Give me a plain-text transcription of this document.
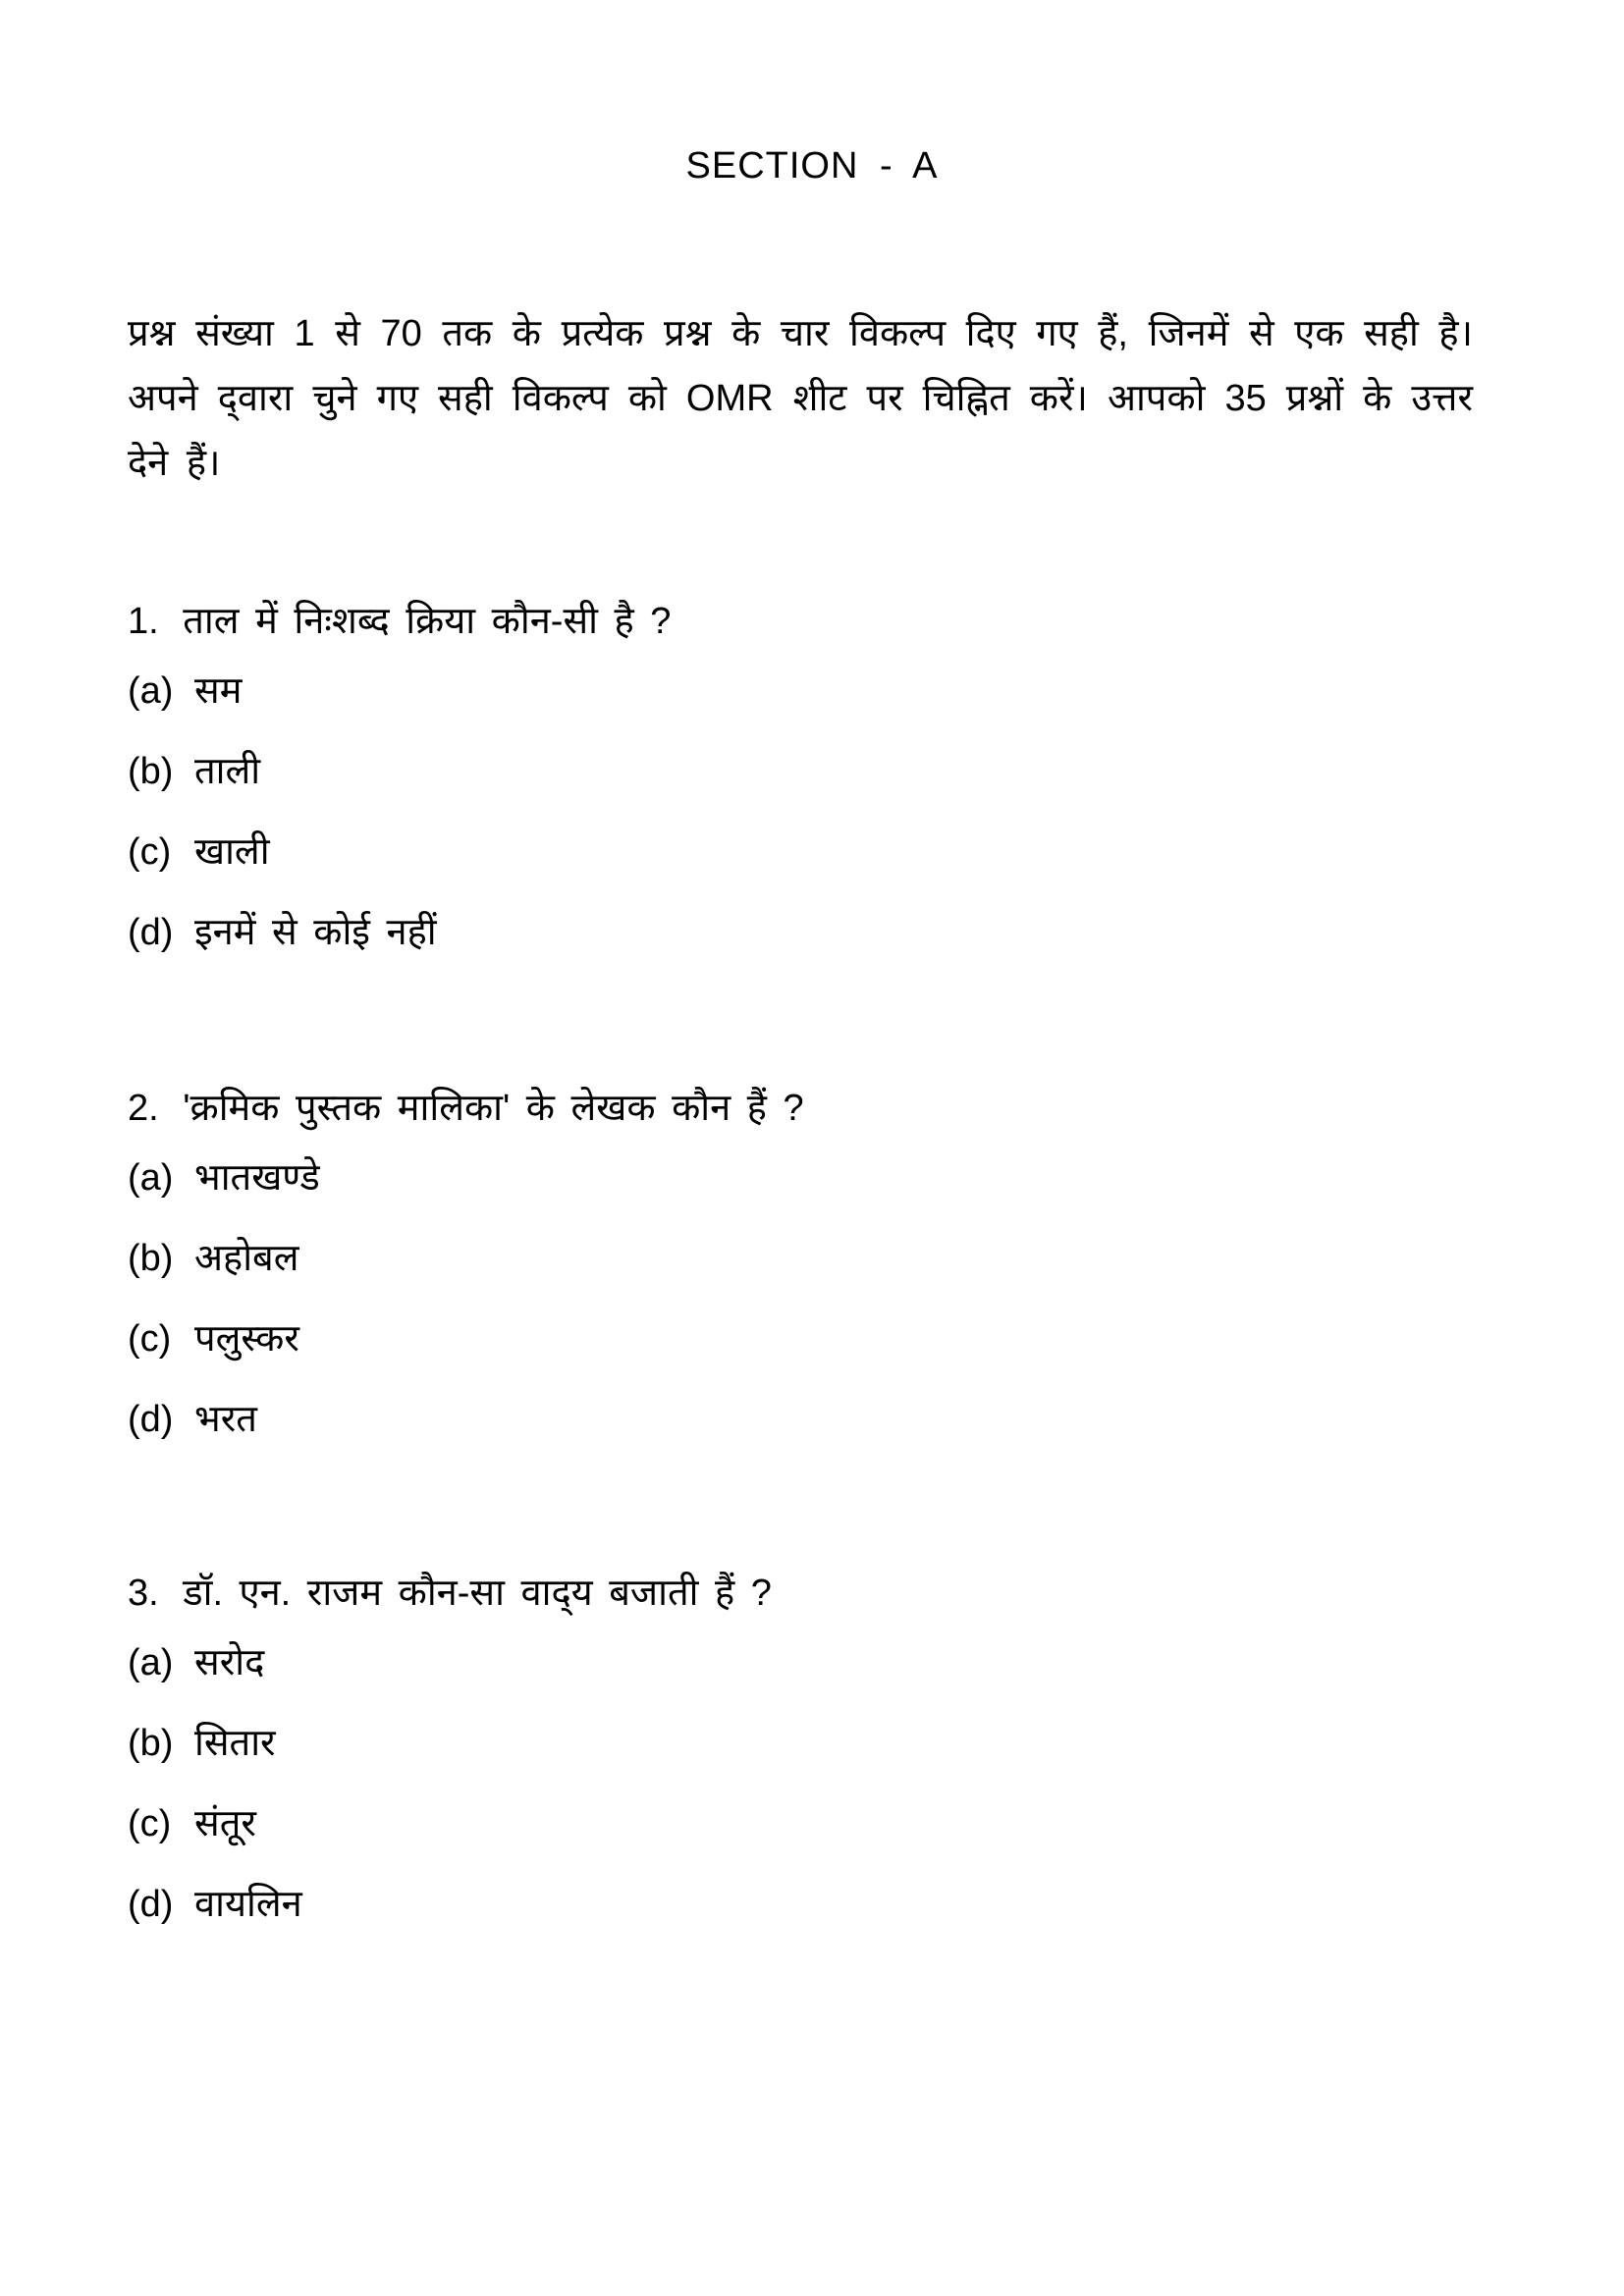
SECTION - A

प्रश्न संख्या 1 से 70 तक के प्रत्येक प्रश्न के चार विकल्प दिए गए हैं, जिनमें से एक सही है। अपने द्‌वारा चुने गए सही विकल्प को OMR शीट पर चिह्नित करें। आपको 35 प्रश्नों के उत्तर देने हैं।

1. ताल में निःशब्द क्रिया कौन-सी है ?
(a) सम
(b) ताली
(c) खाली
(d) इनमें से कोई नहीं
2. 'क्रमिक पुस्तक मालिका' के लेखक कौन हैं ?
(a) भातखण्डे
(b) अहोबल
(c) पलुस्कर
(d) भरत
3. डॉ. एन. राजम कौन-सा वाद्‌य बजाती हैं ?
(a) सरोद
(b) सितार
(c) संतूर
(d) वायलिन
